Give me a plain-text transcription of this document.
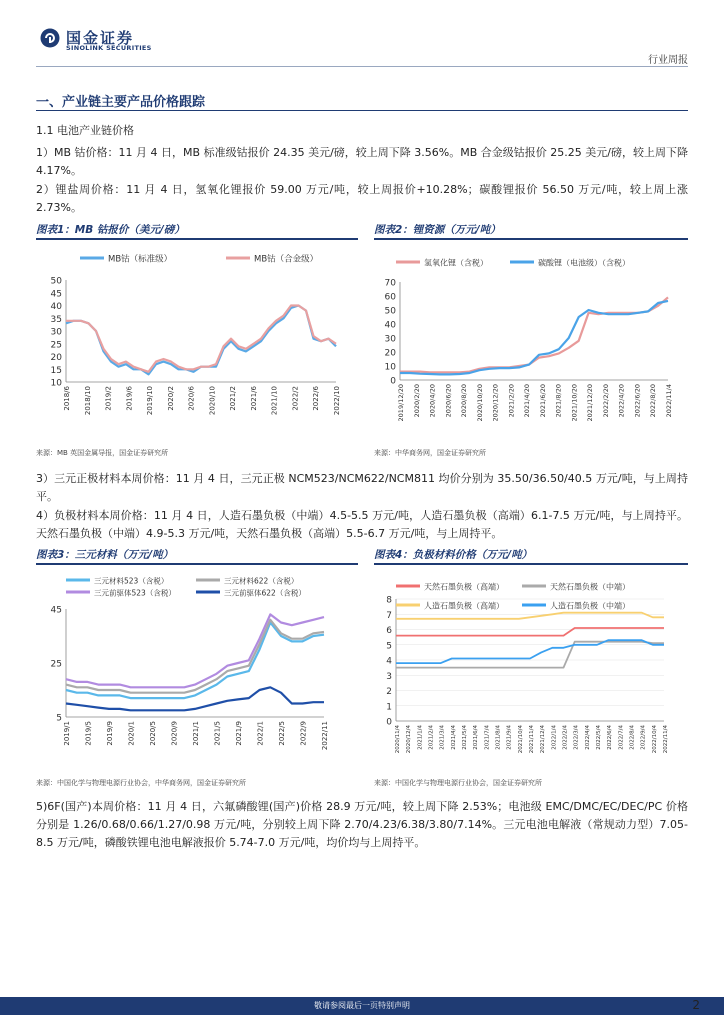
国金证券
SINOLINK SECURITIES
行业周报
一、产业链主要产品价格跟踪
1.1 电池产业链价格
1）MB 钴价格：11 月 4 日，MB 标准级钴报价 24.35 美元/磅，较上周下降 3.56%。MB 合金级钴报价 25.25 美元/磅，较上周下降 4.17%。
2）锂盐周价格：11 月 4 日，氢氧化锂报价 59.00 万元/吨，较上周报价+10.28%；碳酸锂报价 56.50 万元/吨，较上周上涨 2.73%。
图表1：MB 钴报价（美元/磅）	图表2：锂资源（万元/吨）
10
15
20
25
30
35
40
45
50
2018/6 2018/10 2019/2 2019/6 2019/10 2020/2 2020/6 2020/10 2021/2 2021/6 2021/10 2022/2 2022/6 2022/10
MB钴（标准级）	MB钴（合金级）
0
10
20
30
40
50
60
70
2019/12/20 2020/2/20 2020/4/20 2020/6/20 2020/8/20 2020/10/20 2020/12/20 2021/2/20 2021/4/20 2021/6/20 2021/8/20 2021/10/20 2021/12/20 2022/2/20 2022/4/20 2022/6/20 2022/8/20 2022/11/4
氢氧化锂（含税）	碳酸锂（电池级）（含税）
来源：MB 英国金属导报，国金证券研究所	来源：中华商务网，国金证券研究所
3）三元正极材料本周价格：11 月 4 日，三元正极 NCM523/NCM622/NCM811 均价分别为 35.50/36.50/40.5 万元/吨，与上周持平。
4）负极材料本周价格：11 月 4 日，人造石墨负极（中端）4.5-5.5 万元/吨，人造石墨负极（高端）6.1-7.5 万元/吨，与上周持平。天然石墨负极（中端）4.9-5.3 万元/吨，天然石墨负极（高端）5.5-6.7 万元/吨，与上周持平。
图表3：三元材料（万元/吨）	图表4：负极材料价格（万元/吨）
5
25
45
2019/1 2019/5 2019/9 2020/1 2020/5 2020/9 2021/1 2021/5 2021/9 2022/1 2022/5 2022/9 2022/11
三元材料523（含税）	三元材料622（含税）
三元前驱体523（含税）	三元前驱体622（含税）
0
1
2
3
4
5
6
7
8
2020/11/4 2020/12/4 2021/1/4 2021/2/4 2021/3/4 2021/4/4 2021/5/4 2021/6/4 2021/7/4 2021/8/4 2021/9/4 2021/10/4 2021/11/4 2021/12/4 2022/1/4 2022/2/4 2022/3/4 2022/4/4 2022/5/4 2022/6/4 2022/7/4 2022/8/4 2022/9/4 2022/10/4 2022/11/4
天然石墨负极（高端）	天然石墨负极（中端）
人造石墨负极（高端）	人造石墨负极（中端）
来源：中国化学与物理电源行业协会，中华商务网，国金证券研究所	来源：中国化学与物理电源行业协会，国金证券研究所
5)6F(国产)本周价格：11 月 4 日，六氟磷酸锂(国产)价格 28.9 万元/吨，较上周下降 2.53%；电池级 EMC/DMC/EC/DEC/PC 价格分别是 1.26/0.68/0.66/1.27/0.98 万元/吨，分别较上周下降 2.70/4.23/6.38/3.80/7.14%。三元电池电解液（常规动力型）7.05-8.5 万元/吨，磷酸铁锂电池电解液报价 5.74-7.0 万元/吨，均价均与上周持平。
敬请参阅最后一页特别声明	2
